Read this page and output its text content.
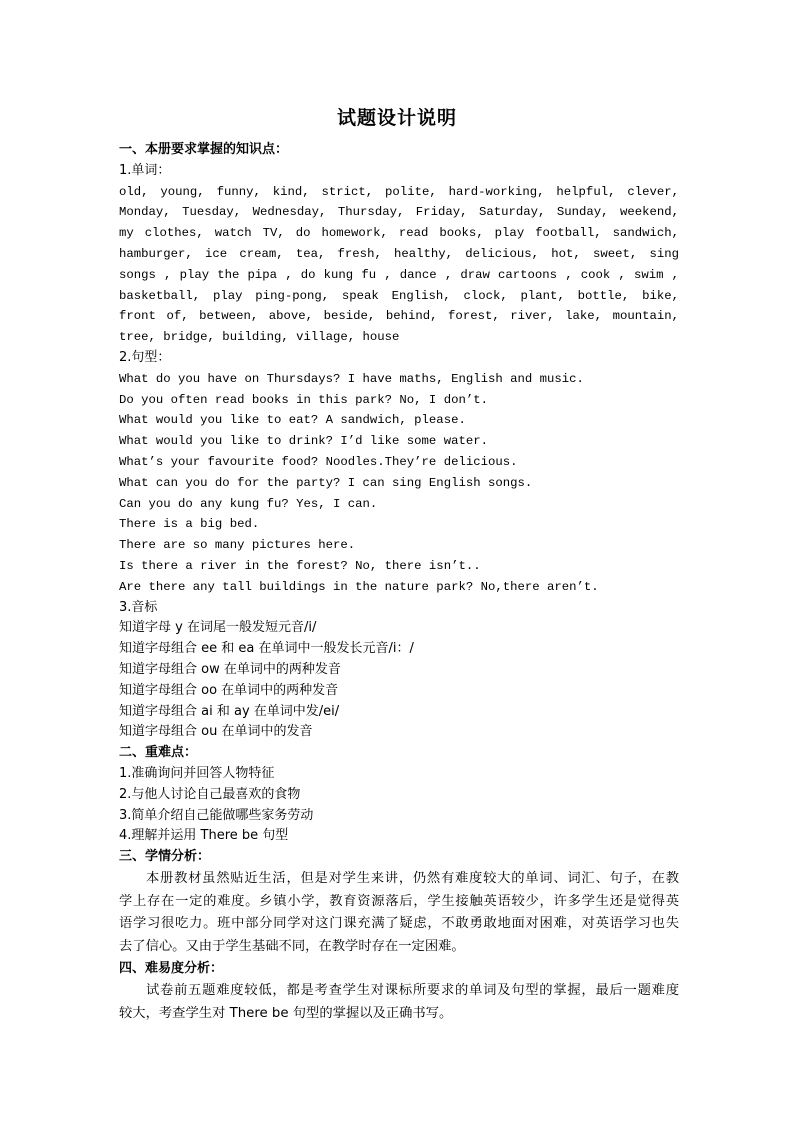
试题设计说明
一、本册要求掌握的知识点：
1.单词：
old, young, funny, kind, strict, polite, hard-working, helpful, clever,
Monday, Tuesday, Wednesday, Thursday, Friday, Saturday, Sunday, weekend,
my clothes, watch TV, do homework, read books, play football, sandwich,
hamburger, ice cream, tea, fresh, healthy, delicious, hot, sweet, sing
songs , play the pipa , do kung fu , dance , draw cartoons , cook , swim ,
basketball, play ping-pong, speak English, clock, plant, bottle, bike,
front of, between, above, beside, behind, forest, river, lake, mountain,
tree, bridge, building, village, house
2.句型：
What do you have on Thursdays? I have maths, English and music.
Do you often read books in this park? No, I don’t.
What would you like to eat? A sandwich, please.
What would you like to drink? I’d like some water.
What’s your favourite food? Noodles.They’re delicious.
What can you do for the party? I can sing English songs.
Can you do any kung fu? Yes, I can.
There is a big bed.
There are so many pictures here.
Is there a river in the forest? No, there isn’t..
Are there any tall buildings in the nature park? No,there aren’t.
3.音标
知道字母 y 在词尾一般发短元音/i/
知道字母组合 ee 和 ea 在单词中一般发长元音/i：/
知道字母组合 ow 在单词中的两种发音
知道字母组合 oo 在单词中的两种发音
知道字母组合 ai 和 ay 在单词中发/ei/
知道字母组合 ou 在单词中的发音
二、重难点：
1.准确询问并回答人物特征
2.与他人讨论自己最喜欢的食物
3.简单介绍自己能做哪些家务劳动
4.理解并运用 There be 句型
三、学情分析：
本册教材虽然贴近生活，但是对学生来讲，仍然有难度较大的单词、词汇、句子，在教
学上存在一定的难度。乡镇小学，教育资源落后，学生接触英语较少，许多学生还是觉得英
语学习很吃力。班中部分同学对这门课充满了疑虑，不敢勇敢地面对困难，对英语学习也失
去了信心。又由于学生基础不同，在教学时存在一定困难。
四、难易度分析：
试卷前五题难度较低，都是考查学生对课标所要求的单词及句型的掌握，最后一题难度
较大，考查学生对 There be 句型的掌握以及正确书写。
